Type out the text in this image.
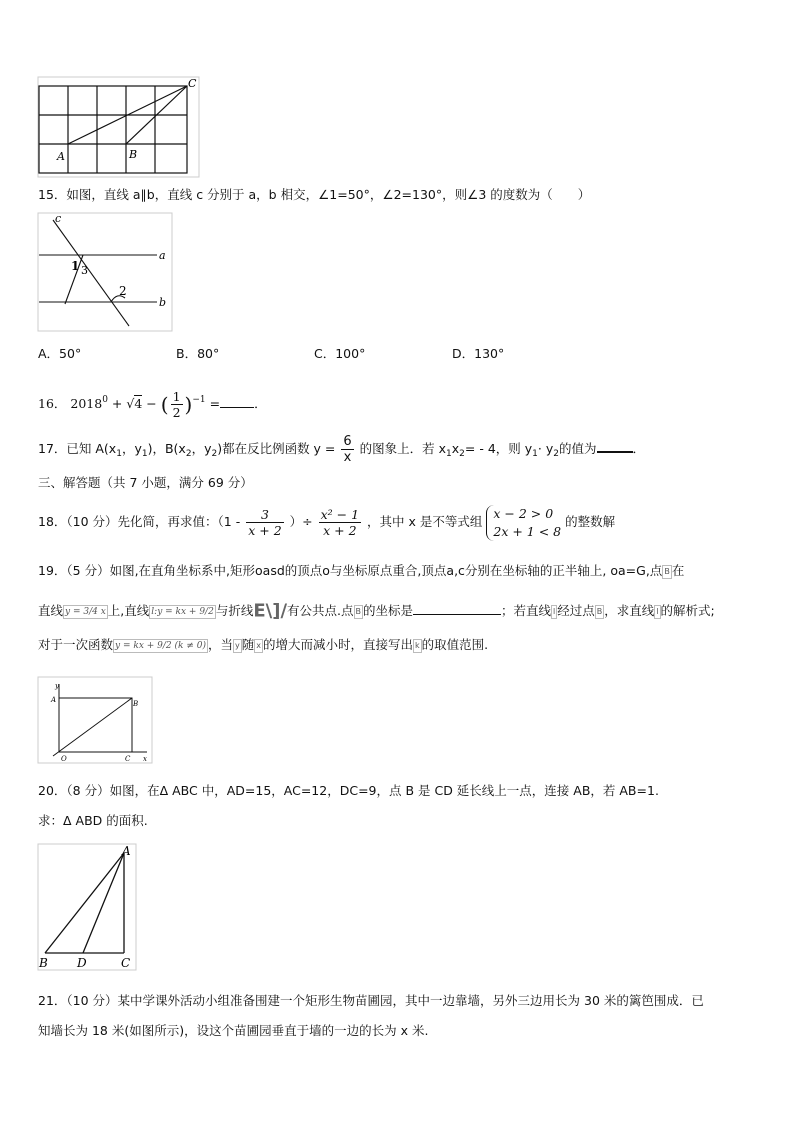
A	B
C
15．如图，直线 a∥b，直线 c 分别于 a，b 相交，∠1=50°，∠2=130°，则∠3 的度数为（　　）
c
a
b
1 3
2
A．50°	B．80°	C．100°	D．130°
16． $2018^0 + √4$ − ( $\frac{1}{2} )^{-1}$ =	．
17．已知 $A(x_1$，$y_1$)，$B(x_2$，$y_2$)都在反比例函数 $y = \frac{6}{x}$ 的图象上．若 $x_1x_2= - 4$，则 $y_1\cdot y_2$的值为	．
三、解答题（共 7 小题，满分 69 分）
18．（10 分）先化简，再求值：（$1 - \frac{3}{x + 2}$ ）÷ $\frac{\text{x² − 1}}{x + 2}$ ，其中 x 是不等式组
x − 2 > 0
2x + 1 < 8
的整数解
19．（5 分）如图,在直角坐标系中,矩形oasd的顶点o与坐标原点重合,顶点a,c分别在坐标轴的正半轴上, oa=G,点 B 在
直线 y = 3/4 x 上,直线 l:y = kx + 9/2 与折线E\]/有公共点.点 B 的坐标是	；若直线 l 经过点 B ，求直线 l 的解析式;
对于一次函数 y = kx + 9/2 (k ≠ 0) ，当 y 随 x 的增大而减小时，直接写出 k 的取值范围.
y
A	B
O	C x
20．（8 分）如图，在Δ ABC 中，AD=15，AC=12，DC=9，点 B 是 CD 延长线上一点，连接 AB，若 AB=1.
求：Δ ABD 的面积.
A
B D	C
21．（10 分）某中学课外活动小组准备围建一个矩形生物苗圃园，其中一边靠墙，另外三边用长为 30 米的篱笆围成．已
知墙长为 18 米(如图所示)，设这个苗圃园垂直于墙的一边的长为 x 米.
